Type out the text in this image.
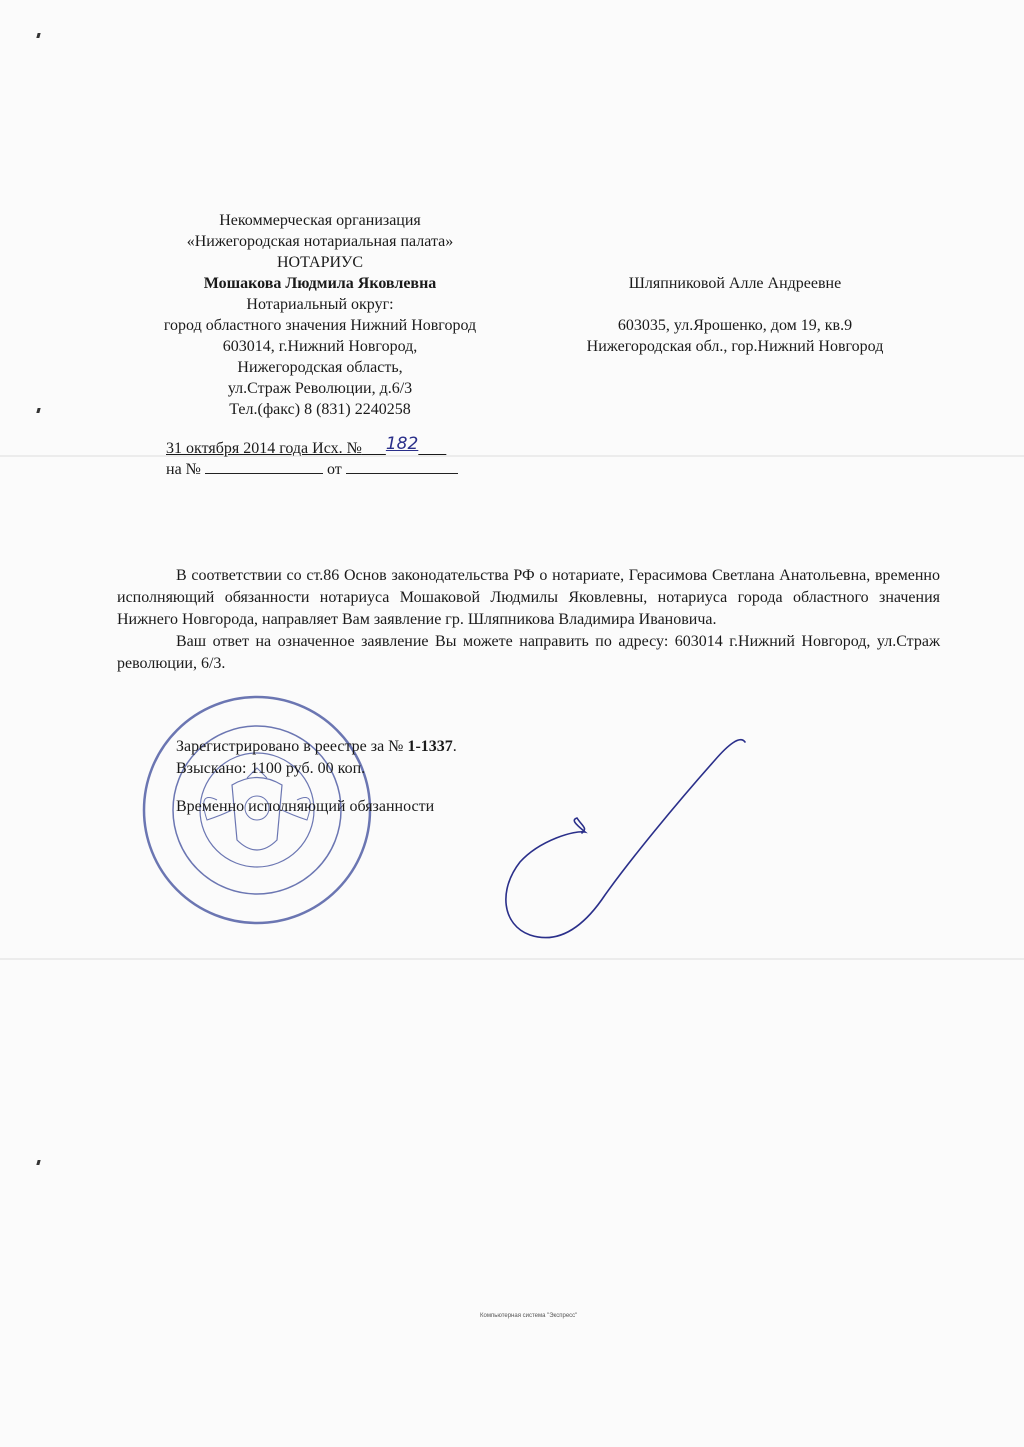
Некоммерческая организация
«Нижегородская нотариальная палата»
НОТАРИУС
Мошакова Людмила Яковлевна
Нотариальный округ:
город областного значения Нижний Новгород
603014, г.Нижний Новгород,
Нижегородская область,
ул.Страж Революции, д.6/3
Тел.(факс) 8 (831) 2240258
Шляпниковой Алле Андреевне
603035, ул.Ярошенко, дом 19, кв.9
Нижегородская обл., гор.Нижний Новгород
31 октября 2014 года Исх. № 182
на №	от

В соответствии со ст.86 Основ законодательства РФ о нотариате, Герасимова Светлана Анатольевна, временно исполняющий обязанности нотариуса Мошаковой Людмилы Яковлевны, нотариуса города областного значения Нижнего Новгорода, направляет Вам заявление гр. Шляпникова Владимира Ивановича.

Ваш ответ на означенное заявление Вы можете направить по адресу: 603014 г.Нижний Новгород, ул.Страж революции, 6/3.

Зарегистрировано в реестре за № 1-1337.
Взыскано: 1100 руб. 00 коп.
Временно исполняющий обязанности
Компьютерная система "Экспресс"
